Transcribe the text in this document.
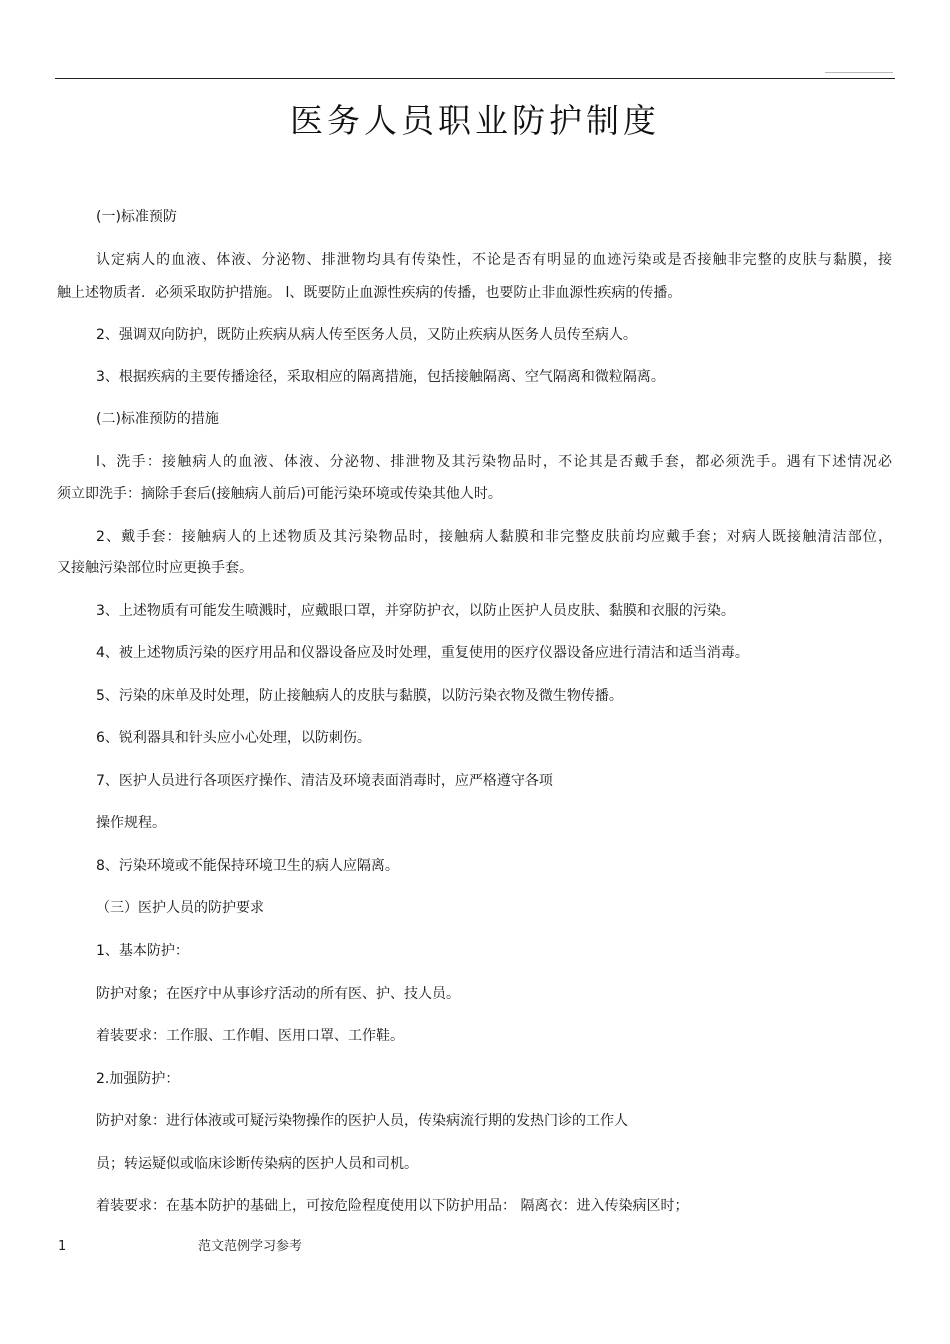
医务人员职业防护制度

(一)标准预防

认定病人的血液、体液、分泌物、排泄物均具有传染性，不论是否有明显的血迹污染或是否接触非完整的皮肤与黏膜，接

触上述物质者．必须采取防护措施。 l、既要防止血源性疾病的传播，也要防止非血源性疾病的传播。

2、强调双向防护，既防止疾病从病人传至医务人员，又防止疾病从医务人员传至病人。

3、根据疾病的主要传播途径，采取相应的隔离措施，包括接触隔离、空气隔离和微粒隔离。

(二)标准预防的措施

l、洗手：接触病人的血液、体液、分泌物、排泄物及其污染物品时，不论其是否戴手套，都必须洗手。遇有下述情况必

须立即洗手：摘除手套后(接触病人前后)可能污染环境或传染其他人时。

2、戴手套：接触病人的上述物质及其污染物品时，接触病人黏膜和非完整皮肤前均应戴手套；对病人既接触清洁部位，

又接触污染部位时应更换手套。

3、上述物质有可能发生喷溅时，应戴眼口罩，并穿防护衣，以防止医护人员皮肤、黏膜和衣服的污染。

4、被上述物质污染的医疗用品和仪器设备应及时处理，重复使用的医疗仪器设备应进行清洁和适当消毒。

5、污染的床单及时处理，防止接触病人的皮肤与黏膜，以防污染衣物及微生物传播。

6、锐利器具和针头应小心处理，以防刺伤。

7、医护人员进行各项医疗操作、清洁及环境表面消毒时，应严格遵守各项

操作规程。

8、污染环境或不能保持环境卫生的病人应隔离。

（三）医护人员的防护要求

1、基本防护：

防护对象；在医疗中从事诊疗活动的所有医、护、技人员。

着装要求：工作服、工作帽、医用口罩、工作鞋。

2.加强防护：

防护对象：进行体液或可疑污染物操作的医护人员，传染病流行期的发热门诊的工作人

员；转运疑似或临床诊断传染病的医护人员和司机。

着装要求：在基本防护的基础上，可按危险程度使用以下防护用品： 隔离衣：进入传染病区时；

1	范文范例学习参考
